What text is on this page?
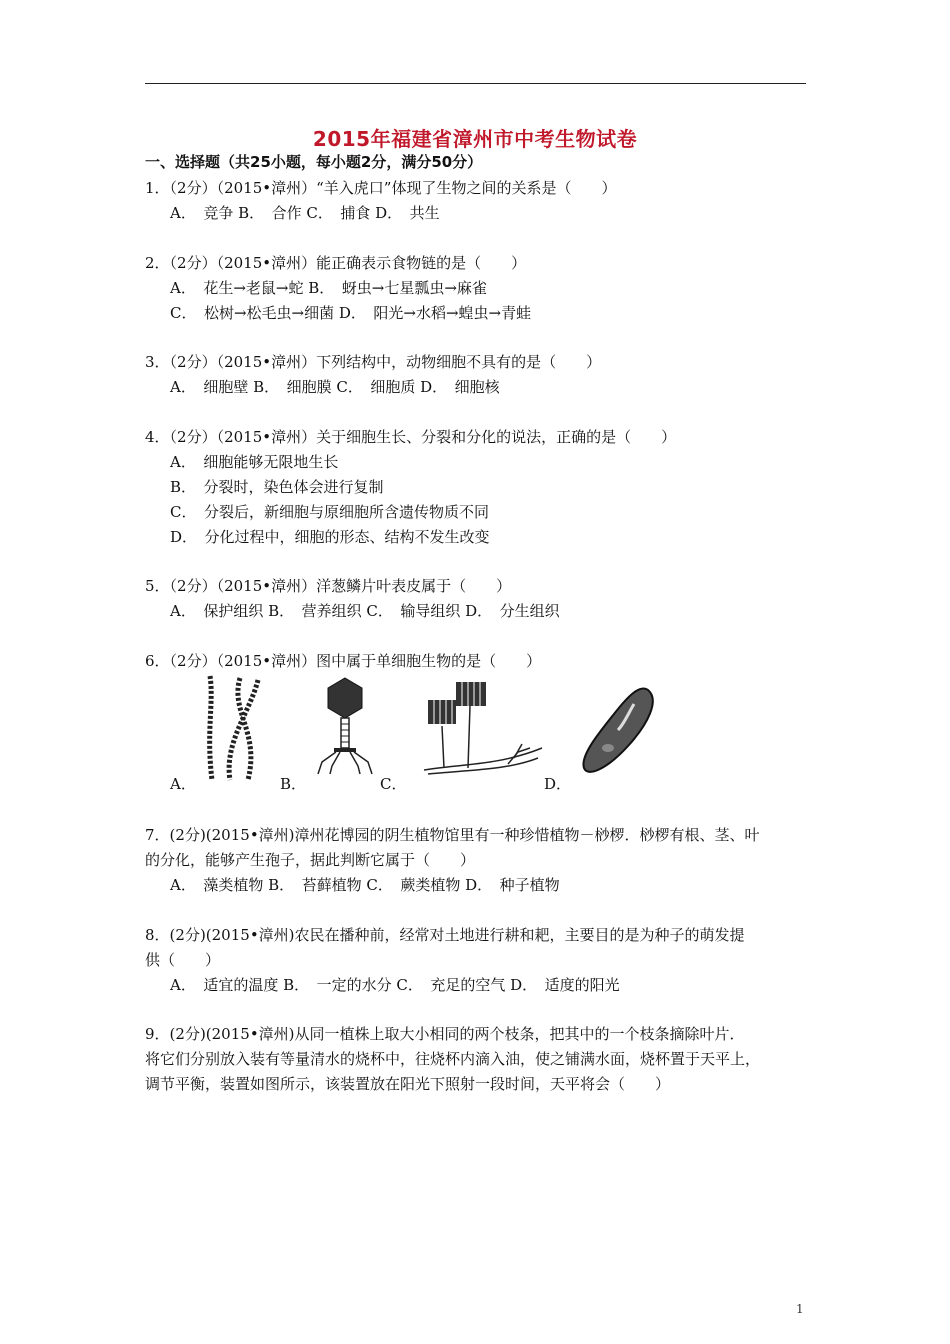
2015年福建省漳州市中考生物试卷
一、选择题（共25小题，每小题2分，满分50分）
1．（2分）（2015•漳州）“羊入虎口”体现了生物之间的关系是（　　）
A．　竞争 B．　合作 C．　捕食 D．　共生
2．（2分）（2015•漳州）能正确表示食物链的是（　　）
A．　花生→老鼠→蛇 B．　蚜虫→七星瓢虫→麻雀
C．　松树→松毛虫→细菌 D．　阳光→水稻→蝗虫→青蛙
3．（2分）（2015•漳州）下列结构中，动物细胞不具有的是（　　）
A．　细胞壁 B．　细胞膜 C．　细胞质 D．　细胞核
4．（2分）（2015•漳州）关于细胞生长、分裂和分化的说法，正确的是（　　）
A．　细胞能够无限地生长
B．　分裂时，染色体会进行复制
C．　分裂后，新细胞与原细胞所含遗传物质不同
D．　分化过程中，细胞的形态、结构不发生改变
5．（2分）（2015•漳州）洋葱鳞片叶表皮属于（　　）
A．　保护组织 B．　营养组织 C．　输导组织 D．　分生组织
6．（2分）（2015•漳州）图中属于单细胞生物的是（　　）
A．	B．	C．	D．
7．(2分)(2015•漳州)漳州花博园的阴生植物馆里有一种珍惜植物－桫椤．桫椤有根、茎、叶
的分化，能够产生孢子，据此判断它属于（　　）
A．　藻类植物 B．　苔藓植物 C．　蕨类植物 D．　种子植物
8．(2分)(2015•漳州)农民在播种前，经常对土地进行耕和耙，主要目的是为种子的萌发提
供（　　）
A．　适宜的温度 B．　一定的水分 C．　充足的空气 D．　适度的阳光
9．(2分)(2015•漳州)从同一植株上取大小相同的两个枝条，把其中的一个枝条摘除叶片．
将它们分别放入装有等量清水的烧杯中，往烧杯内滴入油，使之铺满水面，烧杯置于天平上，
调节平衡，装置如图所示，该装置放在阳光下照射一段时间，天平将会（　　）
1
